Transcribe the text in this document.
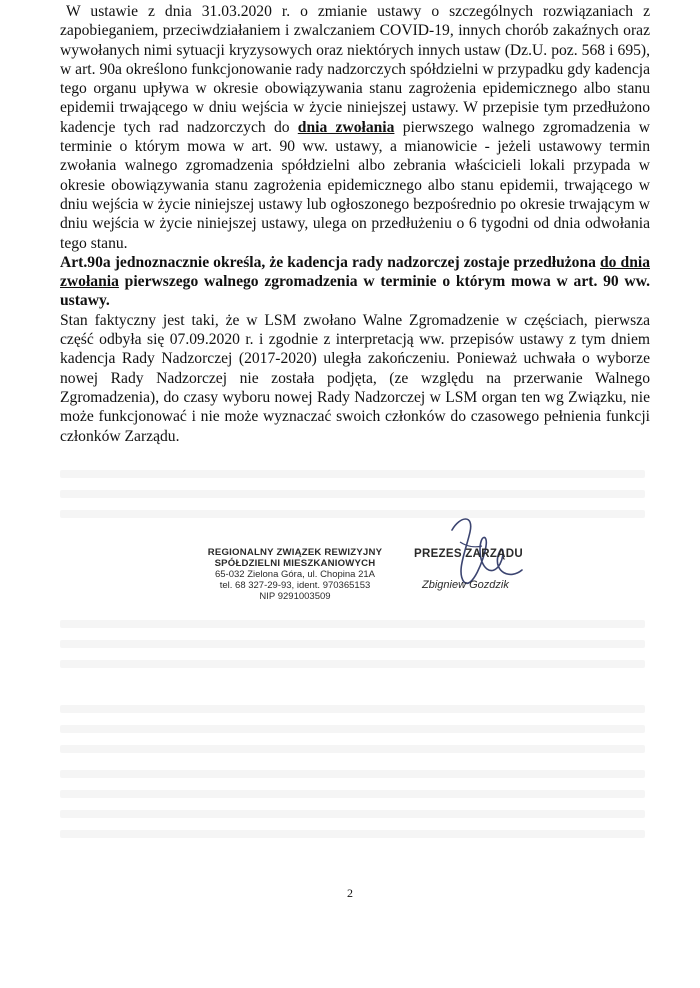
W ustawie z dnia 31.03.2020 r. o zmianie ustawy o szczególnych rozwiązaniach z zapobieganiem, przeciwdziałaniem i zwalczaniem COVID-19, innych chorób zakaźnych oraz wywołanych nimi sytuacji kryzysowych oraz niektórych innych ustaw (Dz.U. poz. 568 i 695), w art. 90a określono funkcjonowanie rady nadzorczych spółdzielni w przypadku gdy kadencja tego organu upływa w okresie obowiązywania stanu zagrożenia epidemicznego albo stanu epidemii trwającego w dniu wejścia w życie niniejszej ustawy. W przepisie tym przedłużono kadencje tych rad nadzorczych do dnia zwołania pierwszego walnego zgromadzenia w terminie o którym mowa w art. 90 ww. ustawy, a mianowicie - jeżeli ustawowy termin zwołania walnego zgromadzenia spółdzielni albo zebrania właścicieli lokali przypada w okresie obowiązywania stanu zagrożenia epidemicznego albo stanu epidemii, trwającego w dniu wejścia w życie niniejszej ustawy lub ogłoszonego bezpośrednio po okresie trwającym w dniu wejścia w życie niniejszej ustawy, ulega on przedłużeniu o 6 tygodni od dnia odwołania tego stanu.

Art.90a jednoznacznie określa, że kadencja rady nadzorczej zostaje przedłużona do dnia zwołania pierwszego walnego zgromadzenia w terminie o którym mowa w art. 90 ww. ustawy.

Stan faktyczny jest taki, że w LSM zwołano Walne Zgromadzenie w częściach, pierwsza część odbyła się 07.09.2020 r. i zgodnie z interpretacją ww. przepisów ustawy z tym dniem kadencja Rady Nadzorczej (2017-2020) uległa zakończeniu. Ponieważ uchwała o wyborze nowej Rady Nadzorczej nie została podjęta, (ze względu na przerwanie Walnego Zgromadzenia), do czasy wyboru nowej Rady Nadzorczej w LSM organ ten wg Związku, nie może funkcjonować i nie może wyznaczać swoich członków do czasowego pełnienia funkcji członków Zarządu.

REGIONALNY ZWIĄZEK REWIZYJNY
SPÓŁDZIELNI MIESZKANIOWYCH
65-032 Zielona Góra, ul. Chopina 21A
tel. 68 327-29-93, ident. 970365153
NIP 9291003509
PREZES ZARZĄDU
Zbigniew Gozdzik
2
